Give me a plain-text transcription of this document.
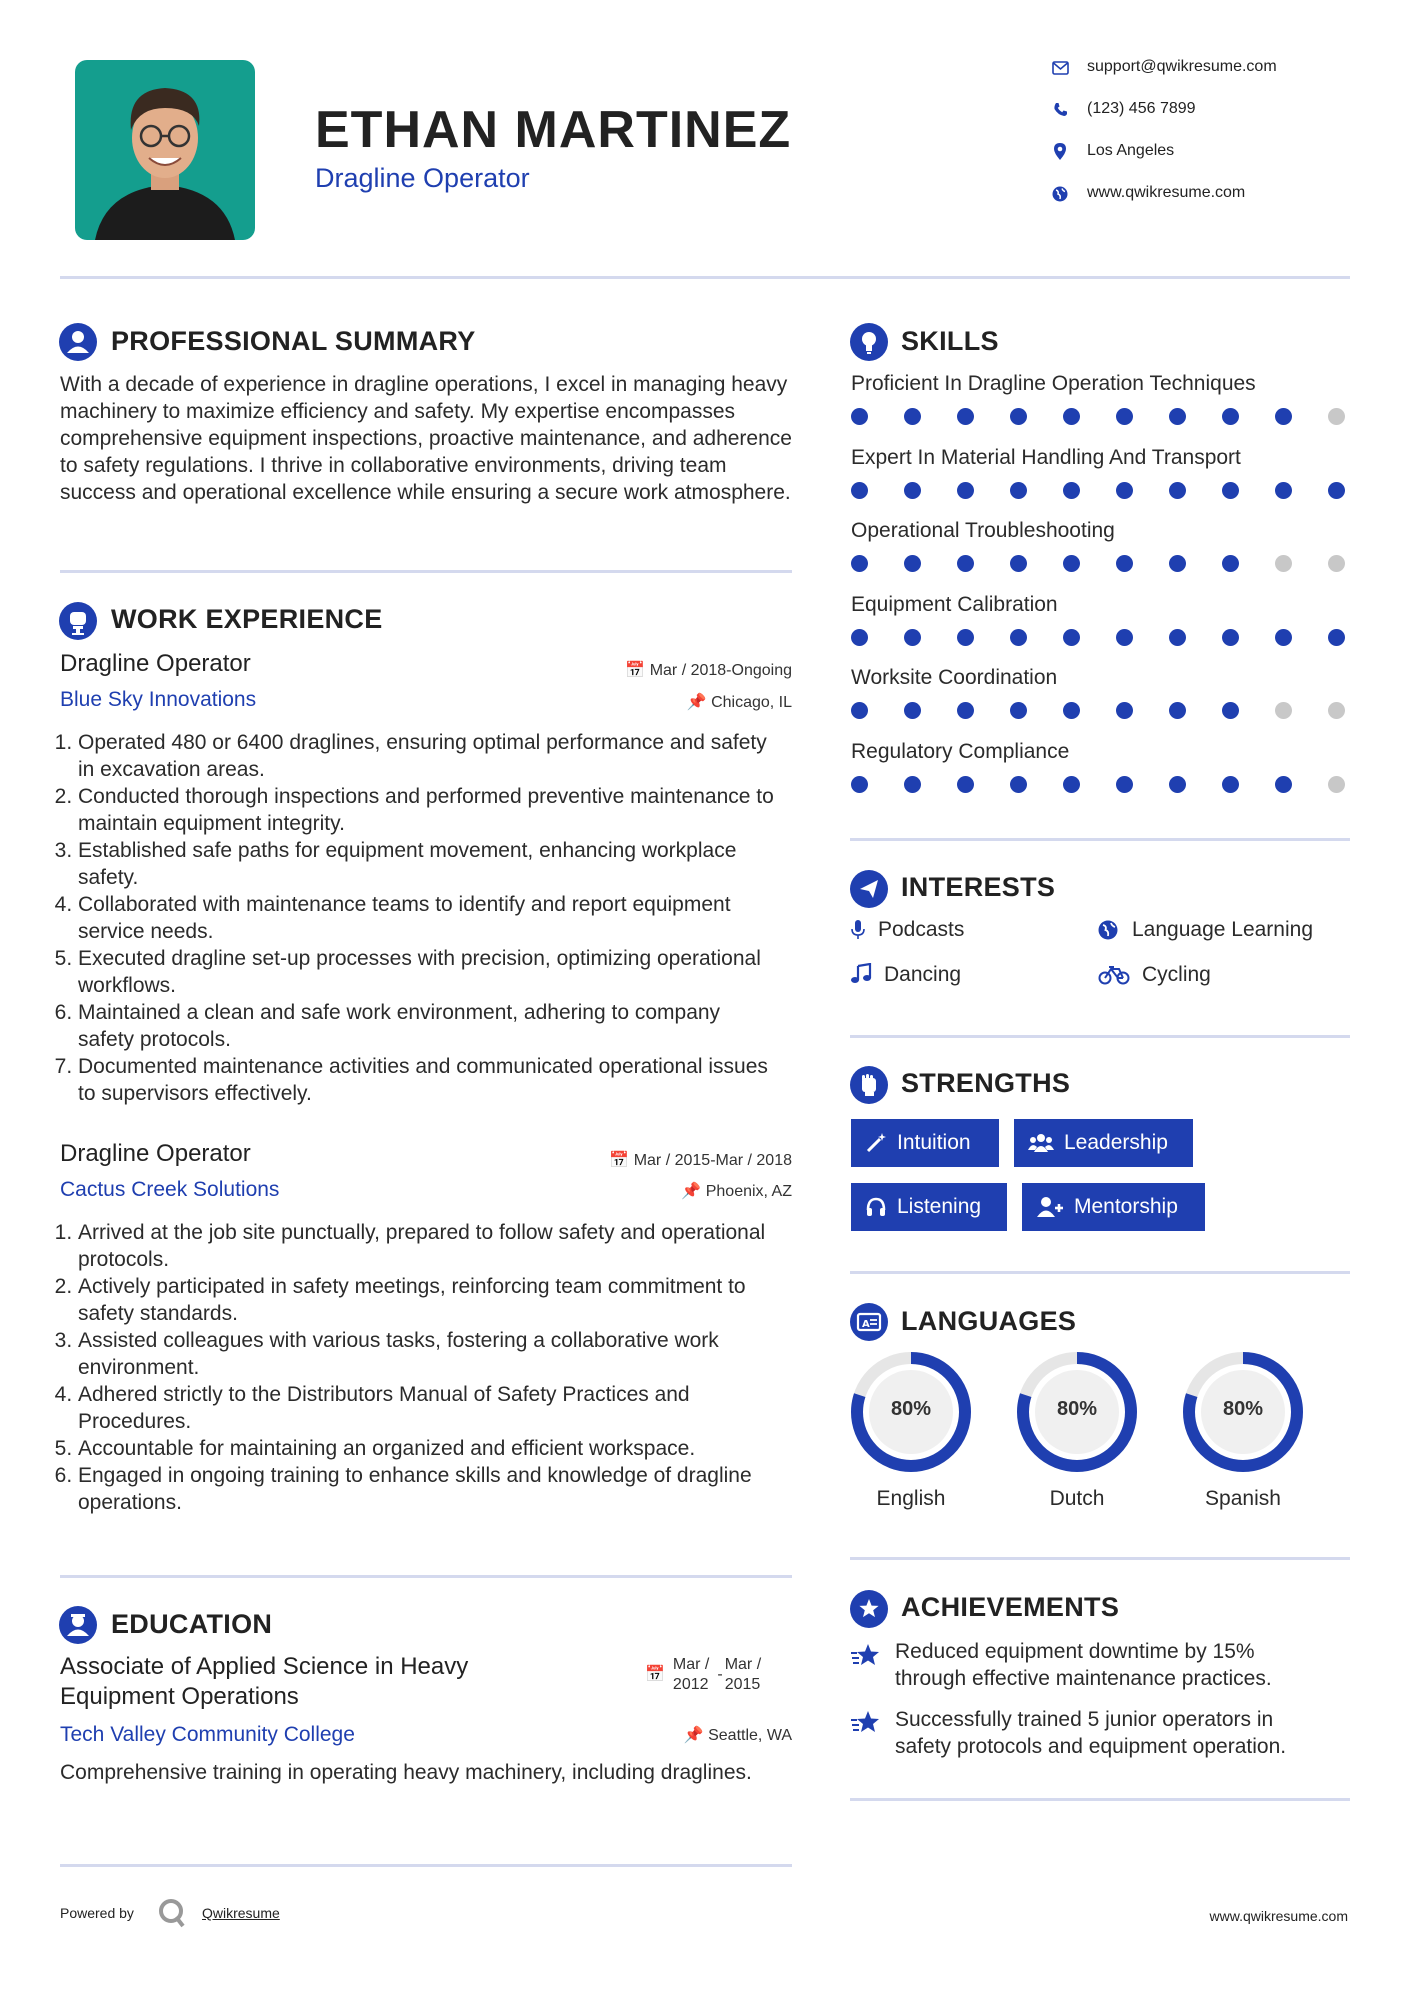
ETHAN MARTINEZ
Dragline Operator
support@qwikresume.com
(123) 456 7899
Los Angeles
www.qwikresume.com
PROFESSIONAL SUMMARY
With a decade of experience in dragline operations, I excel in managing heavy machinery to maximize efficiency and safety. My expertise encompasses comprehensive equipment inspections, proactive maintenance, and adherence to safety regulations. I thrive in collaborative environments, driving team success and operational excellence while ensuring a secure work atmosphere.
WORK EXPERIENCE
Dragline Operator
Blue Sky Innovations
📅 Mar / 2018-Ongoing
📌 Chicago, IL
1. Operated 480 or 6400 draglines, ensuring optimal performance and safety in excavation areas.
2. Conducted thorough inspections and performed preventive maintenance to maintain equipment integrity.
3. Established safe paths for equipment movement, enhancing workplace safety.
4. Collaborated with maintenance teams to identify and report equipment service needs.
5. Executed dragline set-up processes with precision, optimizing operational workflows.
6. Maintained a clean and safe work environment, adhering to company safety protocols.
7. Documented maintenance activities and communicated operational issues to supervisors effectively.
Dragline Operator
Cactus Creek Solutions
📅 Mar / 2015-Mar / 2018
📌 Phoenix, AZ
1. Arrived at the job site punctually, prepared to follow safety and operational protocols.
2. Actively participated in safety meetings, reinforcing team commitment to safety standards.
3. Assisted colleagues with various tasks, fostering a collaborative work environment.
4. Adhered strictly to the Distributors Manual of Safety Practices and Procedures.
5. Accountable for maintaining an organized and efficient workspace.
6. Engaged in ongoing training to enhance skills and knowledge of dragline operations.
EDUCATION
Associate of Applied Science in Heavy
Equipment Operations
📅
Mar /
2012
-
Mar /
2015
Tech Valley Community College	📌 Seattle, WA
Comprehensive training in operating heavy machinery, including draglines.
Powered by	Qwikresume	www.qwikresume.com
SKILLS
Proficient In Dragline Operation Techniques
Expert In Material Handling And Transport
Operational Troubleshooting
Equipment Calibration
Worksite Coordination
Regulatory Compliance
INTERESTS
Podcasts	Language Learning
Dancing	Cycling
STRENGTHS
Intuition	Leadership
Listening	Mentorship
A LANGUAGES
80%
English
80%
Dutch
80%
Spanish
ACHIEVEMENTS
Reduced equipment downtime by 15%
through effective maintenance practices.
Successfully trained 5 junior operators in
safety protocols and equipment operation.
